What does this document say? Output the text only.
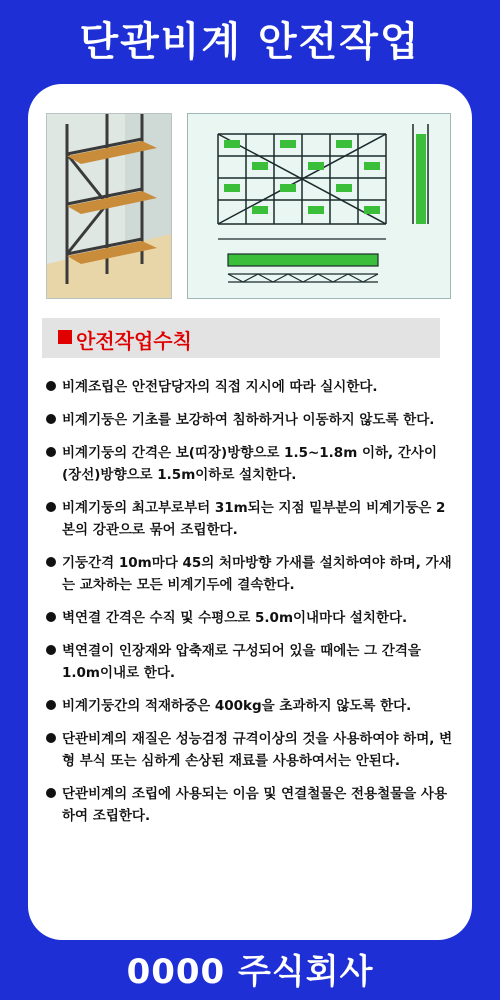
단관비계 안전작업
안전작업수칙
비계조립은 안전담당자의 직접 지시에 따라 실시한다.
비계기둥은 기초를 보강하여 침하하거나 이동하지 않도록 한다.
비계기둥의 간격은 보(띠장)방향으로 1.5~1.8m 이하, 간사이(장선)방향으로 1.5m이하로 설치한다.
비계기둥의 최고부로부터 31m되는 지점 밑부분의 비계기둥은 2본의 강관으로 묶어 조립한다.
기둥간격 10m마다 45의 처마방향 가새를 설치하여야 하며, 가새는 교차하는 모든 비계기두에 결속한다.
벽연결 간격은 수직 및 수평으로 5.0m이내마다 설치한다.
벽연결이 인장재와 압축재로 구성되어 있을 때에는 그 간격을 1.0m이내로 한다.
비계기둥간의 적재하중은 400kg을 초과하지 않도록 한다.
단관비계의 재질은 성능검정 규격이상의 것을 사용하여야 하며, 변형 부식 또는 심하게 손상된 재료를 사용하여서는 안된다.
단관비계의 조립에 사용되는 이음 및 연결철물은 전용철물을 사용하여 조립한다.
0000 주식회사
